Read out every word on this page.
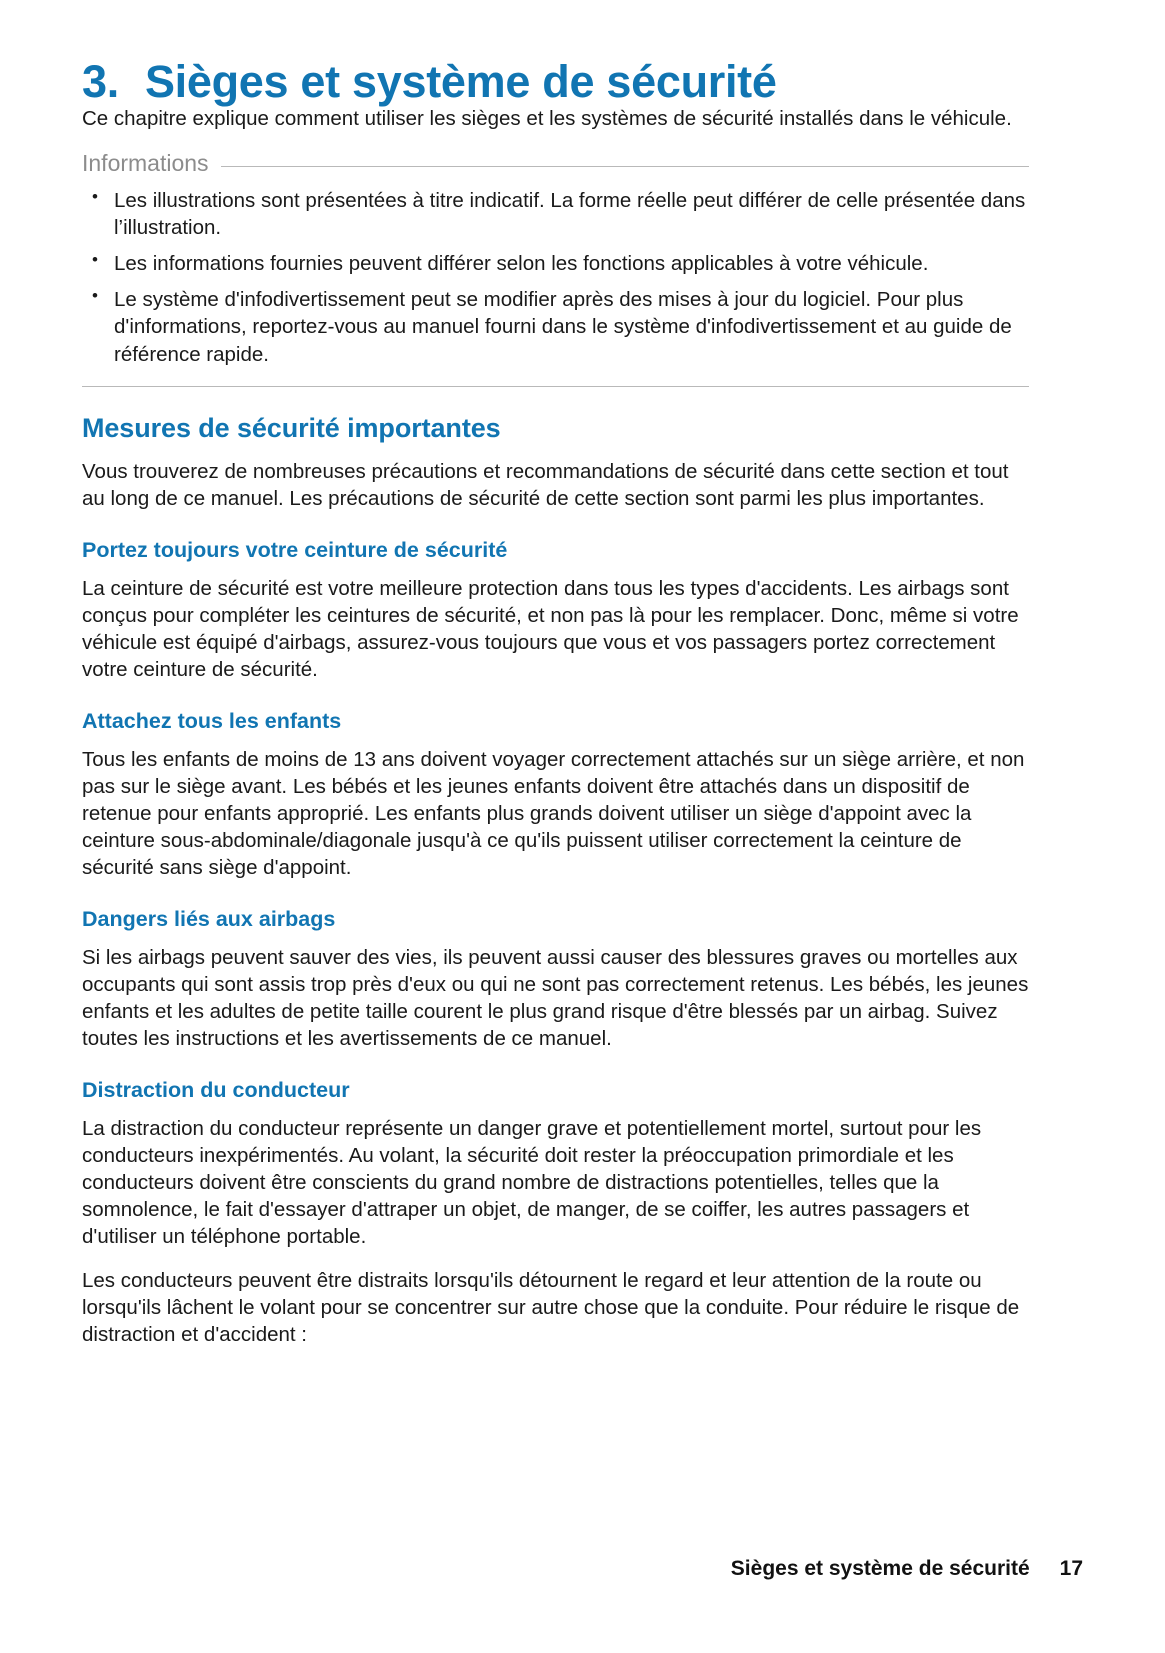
3. Sièges et système de sécurité

Ce chapitre explique comment utiliser les sièges et les systèmes de sécurité installés dans le véhicule.

Informations
• Les illustrations sont présentées à titre indicatif. La forme réelle peut différer de celle présentée dans l’illustration.
• Les informations fournies peuvent différer selon les fonctions applicables à votre véhicule.
• Le système d'infodivertissement peut se modifier après des mises à jour du logiciel. Pour plus d'informations, reportez-vous au manuel fourni dans le système d'infodivertissement et au guide de référence rapide.
Mesures de sécurité importantes

Vous trouverez de nombreuses précautions et recommandations de sécurité dans cette section et tout au long de ce manuel. Les précautions de sécurité de cette section sont parmi les plus importantes.

Portez toujours votre ceinture de sécurité

La ceinture de sécurité est votre meilleure protection dans tous les types d'accidents. Les airbags sont conçus pour compléter les ceintures de sécurité, et non pas là pour les remplacer. Donc, même si votre véhicule est équipé d'airbags, assurez-vous toujours que vous et vos passagers portez correctement votre ceinture de sécurité.

Attachez tous les enfants

Tous les enfants de moins de 13 ans doivent voyager correctement attachés sur un siège arrière, et non pas sur le siège avant. Les bébés et les jeunes enfants doivent être attachés dans un dispositif de retenue pour enfants approprié. Les enfants plus grands doivent utiliser un siège d'appoint avec la ceinture sous-abdominale/diagonale jusqu'à ce qu'ils puissent utiliser correctement la ceinture de sécurité sans siège d'appoint.

Dangers liés aux airbags

Si les airbags peuvent sauver des vies, ils peuvent aussi causer des blessures graves ou mortelles aux occupants qui sont assis trop près d'eux ou qui ne sont pas correctement retenus. Les bébés, les jeunes enfants et les adultes de petite taille courent le plus grand risque d'être blessés par un airbag. Suivez toutes les instructions et les avertissements de ce manuel.

Distraction du conducteur

La distraction du conducteur représente un danger grave et potentiellement mortel, surtout pour les conducteurs inexpérimentés. Au volant, la sécurité doit rester la préoccupation primordiale et les conducteurs doivent être conscients du grand nombre de distractions potentielles, telles que la somnolence, le fait d'essayer d'attraper un objet, de manger, de se coiffer, les autres passagers et d'utiliser un téléphone portable.

Les conducteurs peuvent être distraits lorsqu'ils détournent le regard et leur attention de la route ou lorsqu'ils lâchent le volant pour se concentrer sur autre chose que la conduite. Pour réduire le risque de distraction et d'accident :

Sièges et système de sécurité 17
